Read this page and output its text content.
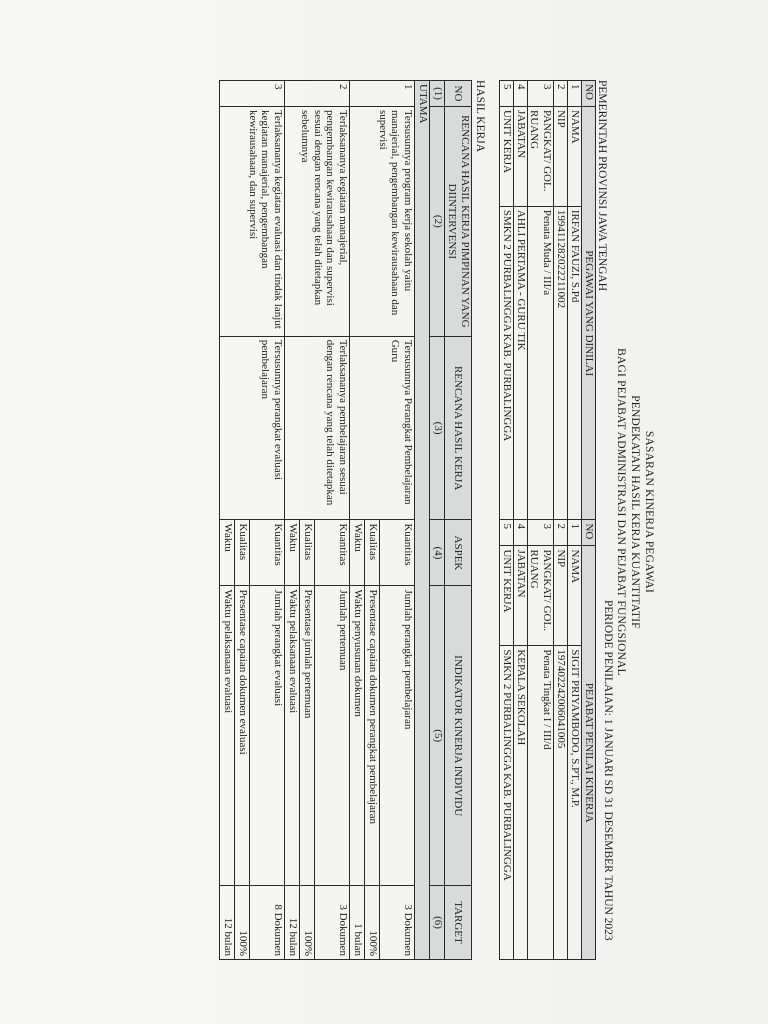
SASARAN KINERJA PEGAWAI
PENDEKATAN HASIL KERJA KUANTITATIF
BAGI PEJABAT ADMINISTRASI DAN PEJABAT FUNGSIONAL
PEMERINTAH PROVINSI JAWA TENGAH
PERIODE PENILAIAN: 1 JANUARI SD 31 DESEMBER TAHUN 2023
NO	PEGAWAI YANG DINILAI		NO	PEJABAT PENILAI KINERJA	
1	NAMA	IRFAN FAUZI, S.Pd	1	NAMA	SIGIT PRIYAMBODO, S.PT., M.P.
2	NIP	199411282022211002	2	NIP	197402242006041005
3	PANGKAT/ GOL. RUANG	Penata Muda / III/a	3	PANGKAT/ GOL. RUANG	Penata Tingkat I / III/d
4	JABATAN	AHLI PERTAMA - GURU TIK	4	JABATAN	KEPALA SEKOLAH
5	UNIT KERJA	SMKN 2 PURBALINGGA KAB. PURBALINGGA	5	UNIT KERJA	SMKN 2 PURBALINGGA KAB. PURBALINGGA
HASIL KERJA
NO	RENCANA HASIL KERJA PIMPINAN YANG DIINTERVENSI	RENCANA HASIL KERJA	ASPEK	INDIKATOR KINERJA INDIVIDU	TARGET
(1)	(2)	(3)	(4)	(5)	(6)
UTAMA					
1	Tersusunnya program kerja sekolah yaitu manajerial, pengembangan kewirausahaan dan supervisi	Tersusunnya Perangkat Pembelajaran Guru	Kuantitas	Jumlah perangkat pembelajaran	3 Dokumen
			Kualitas	Presentase capaian dokumen perangkat pembelajaran	100%
			Waktu	Waktu penyusunan dokumen	1 bulan
2	Terlaksananya kegiatan manajerial, pengembangan kewirausahaan dan supervisi sesuai dengan rencana yang telah ditetapkan sebelumnya	Terlaksananya pembelajaran sesuai dengan rencana yang telah ditetapkan	Kuantitas	Jumlah pertemuan	3 Dokumen
			Kualitas	Presentase jumlah pertemuan	100%
			Waktu	Waktu pelaksanaan evaluasi	12 bulan
3	Terlaksananya kegiatan evaluasi dan tindak lanjut kegiatan manajerial, pengembangan kewirausahaan, dan supervisi	Tersusunnya perangkat evaluasi pembelajaran	Kuantitas	Jumlah perangkat evaluasi	8 Dokumen
			Kualitas	Presentase capaian dokumen evaluasi	100%
			Waktu	Waktu pelaksanaan evaluasi	12 bulan
